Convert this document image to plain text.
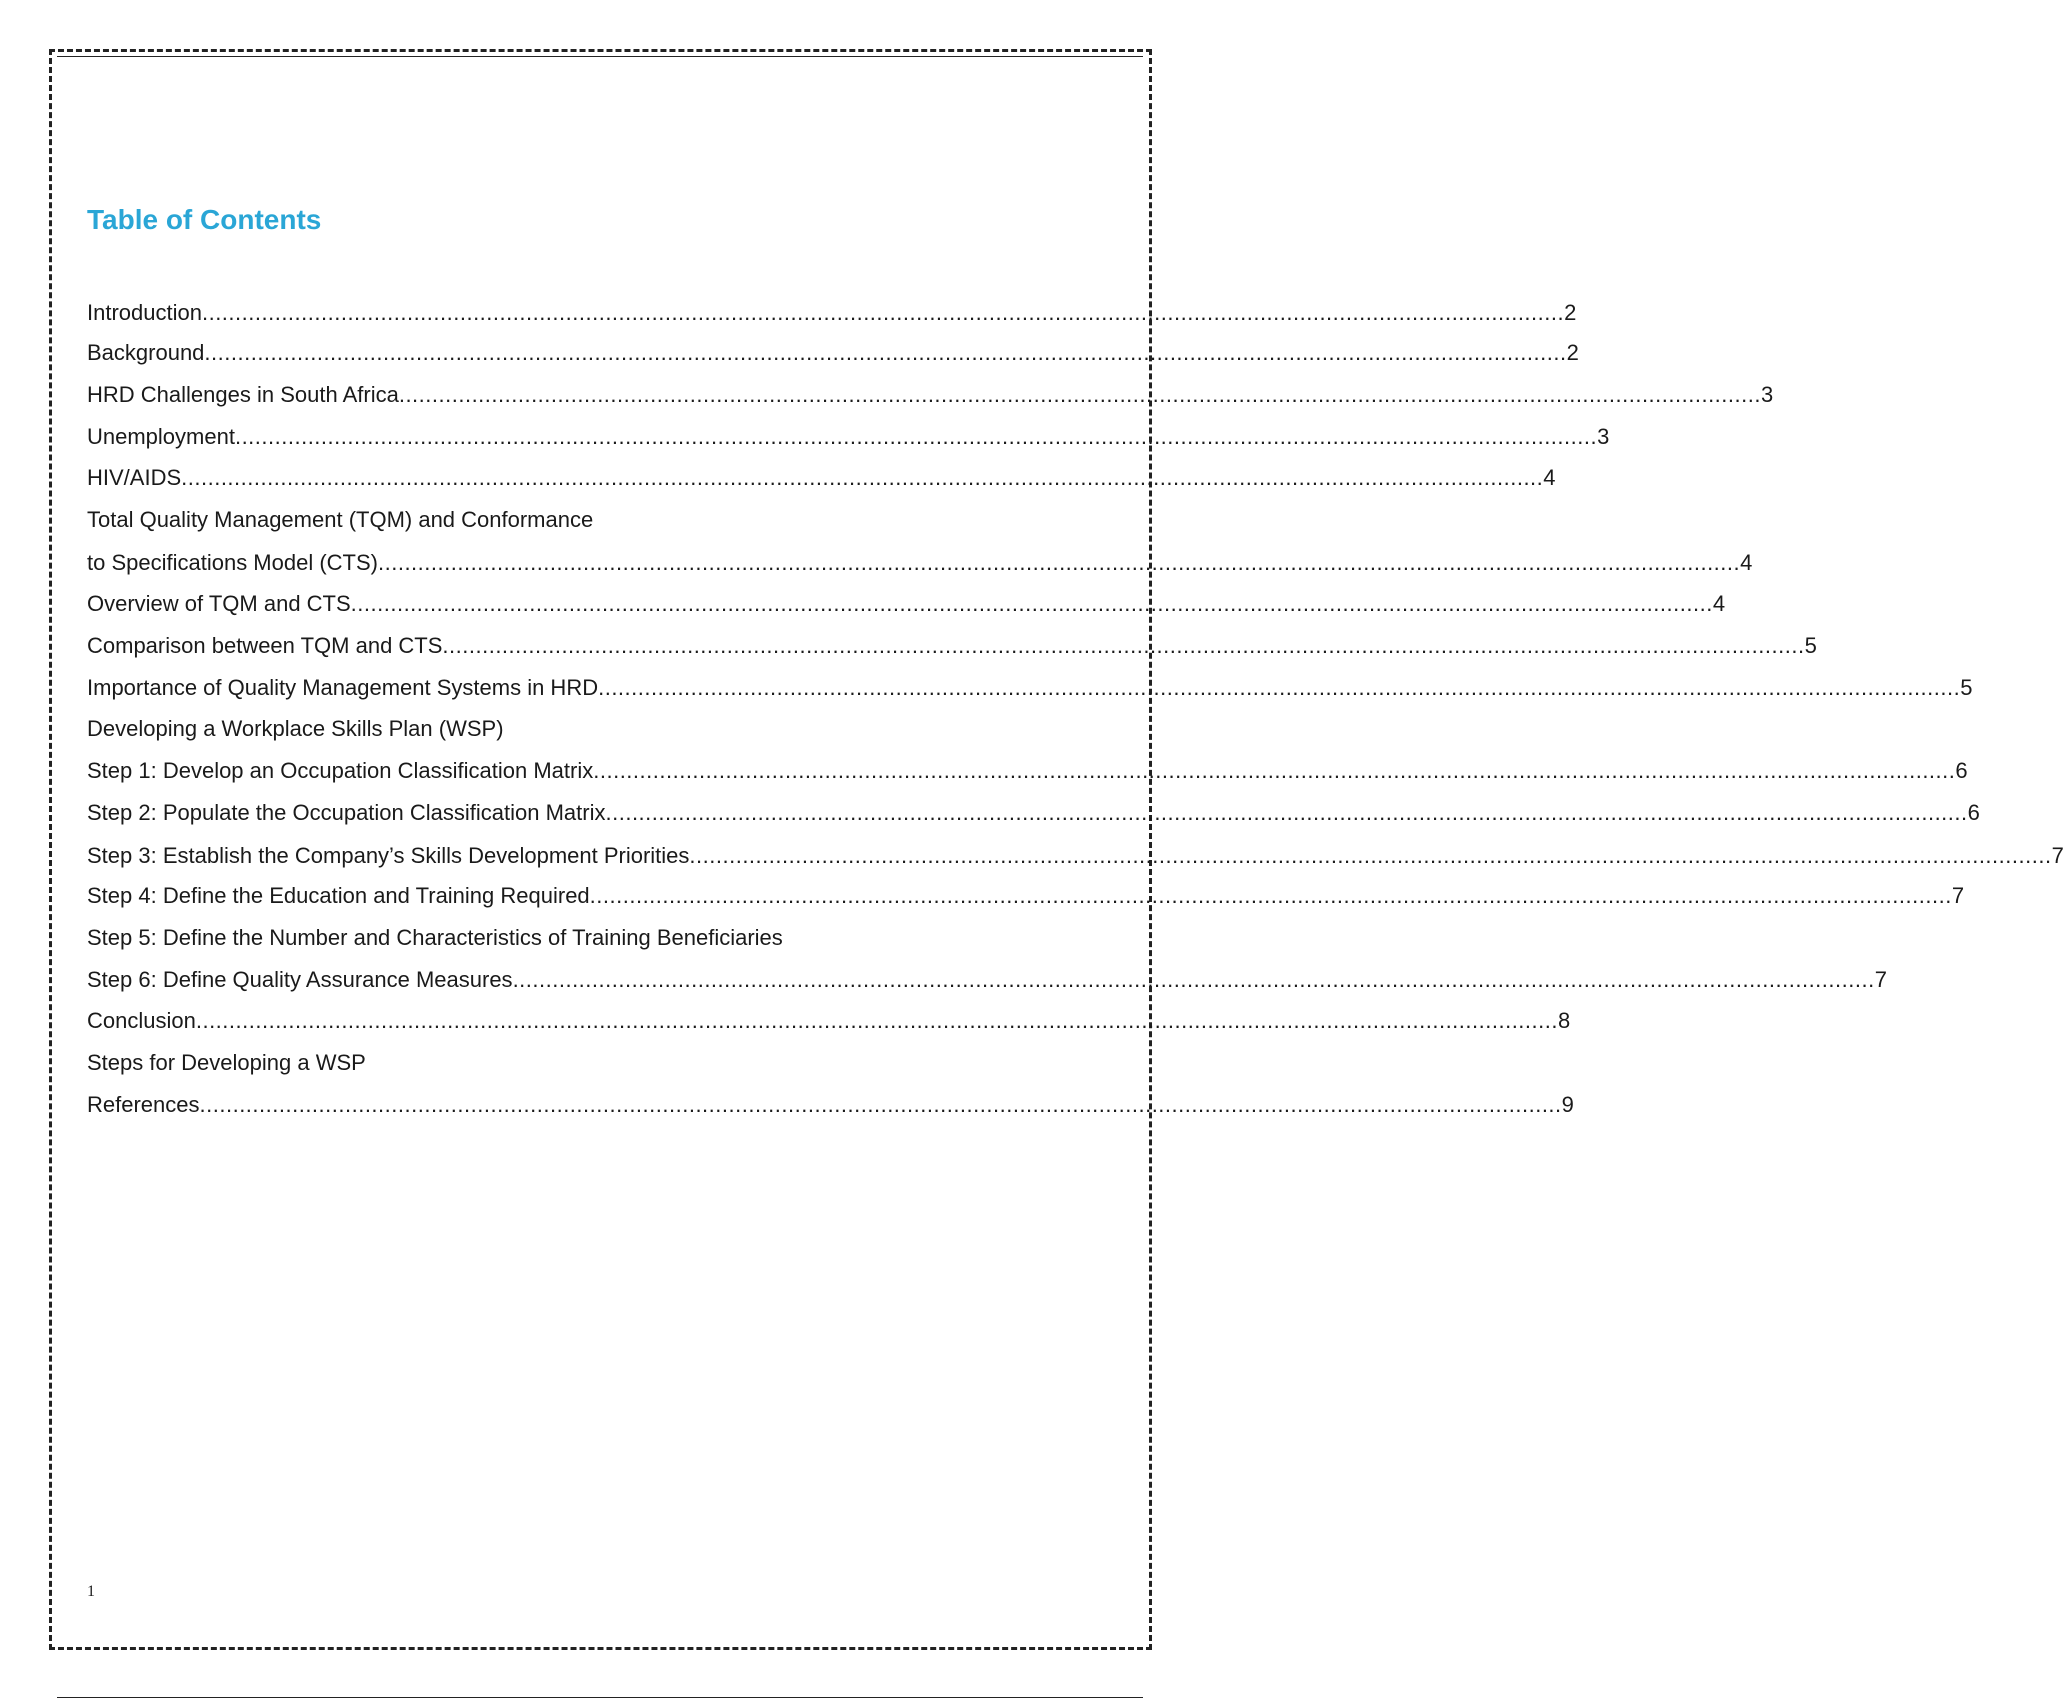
Table of Contents
Introduction .............................................................................................................................................................................................................. 2
Background .............................................................................................................................................................................................................. 2
HRD Challenges in South Africa .............................................................................................................................................................................................................. 3
Unemployment .............................................................................................................................................................................................................. 3
HIV/AIDS .............................................................................................................................................................................................................. 4
Total Quality Management (TQM) and Conformance
to Specifications Model (CTS) .............................................................................................................................................................................................................. 4
Overview of TQM and CTS .............................................................................................................................................................................................................. 4
Comparison between TQM and CTS .............................................................................................................................................................................................................. 5
Importance of Quality Management Systems in HRD .............................................................................................................................................................................................................. 5
Developing a Workplace Skills Plan (WSP)
Step 1: Develop an Occupation Classification Matrix .............................................................................................................................................................................................................. 6
Step 2: Populate the Occupation Classification Matrix .............................................................................................................................................................................................................. 6
Step 3: Establish the Company’s Skills Development Priorities .............................................................................................................................................................................................................. 7
Step 4: Define the Education and Training Required .............................................................................................................................................................................................................. 7
Step 5: Define the Number and Characteristics of Training Beneficiaries
Step 6: Define Quality Assurance Measures .............................................................................................................................................................................................................. 7
Conclusion .............................................................................................................................................................................................................. 8
Steps for Developing a WSP
References .............................................................................................................................................................................................................. 9
1
